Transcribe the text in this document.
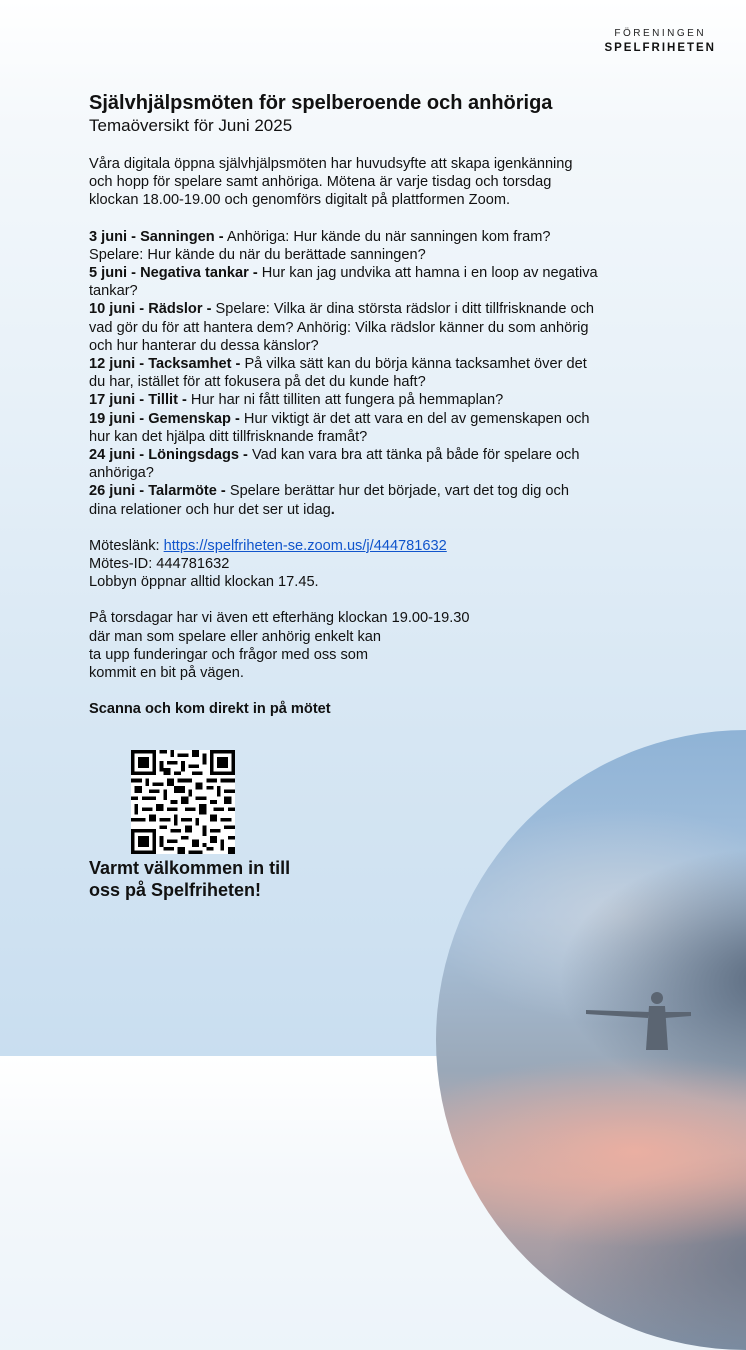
FÖRENINGEN
SPELFRIHETEN
Självhjälpsmöten för spelberoende och anhöriga
Temaöversikt för Juni 2025

Våra digitala öppna självhjälpsmöten har huvudsyfte att skapa igenkänning
och hopp för spelare samt anhöriga. Mötena är varje tisdag och torsdag
klockan 18.00-19.00 och genomförs digitalt på plattformen Zoom.

3 juni - Sanningen - Anhöriga: Hur kände du när sanningen kom fram?
Spelare: Hur kände du när du berättade sanningen?
5 juni - Negativa tankar - Hur kan jag undvika att hamna i en loop av negativa
tankar?
10 juni - Rädslor - Spelare: Vilka är dina största rädslor i ditt tillfrisknande och
vad gör du för att hantera dem? Anhörig: Vilka rädslor känner du som anhörig
och hur hanterar du dessa känslor?
12 juni - Tacksamhet - På vilka sätt kan du börja känna tacksamhet över det
du har, istället för att fokusera på det du kunde haft?
17 juni - Tillit - Hur har ni fått tilliten att fungera på hemmaplan?
19 juni - Gemenskap - Hur viktigt är det att vara en del av gemenskapen och
hur kan det hjälpa ditt tillfrisknande framåt?
24 juni - Löningsdags - Vad kan vara bra att tänka på både för spelare och
anhöriga?
26 juni - Talarmöte - Spelare berättar hur det började, vart det tog dig och
dina relationer och hur det ser ut idag.

Möteslänk: https://spelfriheten-se.zoom.us/j/444781632
Mötes-ID: 444781632
Lobbyn öppnar alltid klockan 17.45.

På torsdagar har vi även ett efterhäng klockan 19.00-19.30
där man som spelare eller anhörig enkelt kan
ta upp funderingar och frågor med oss som
kommit en bit på vägen.

Scanna och kom direkt in på mötet

Varmt välkommen in till
oss på Spelfriheten!
